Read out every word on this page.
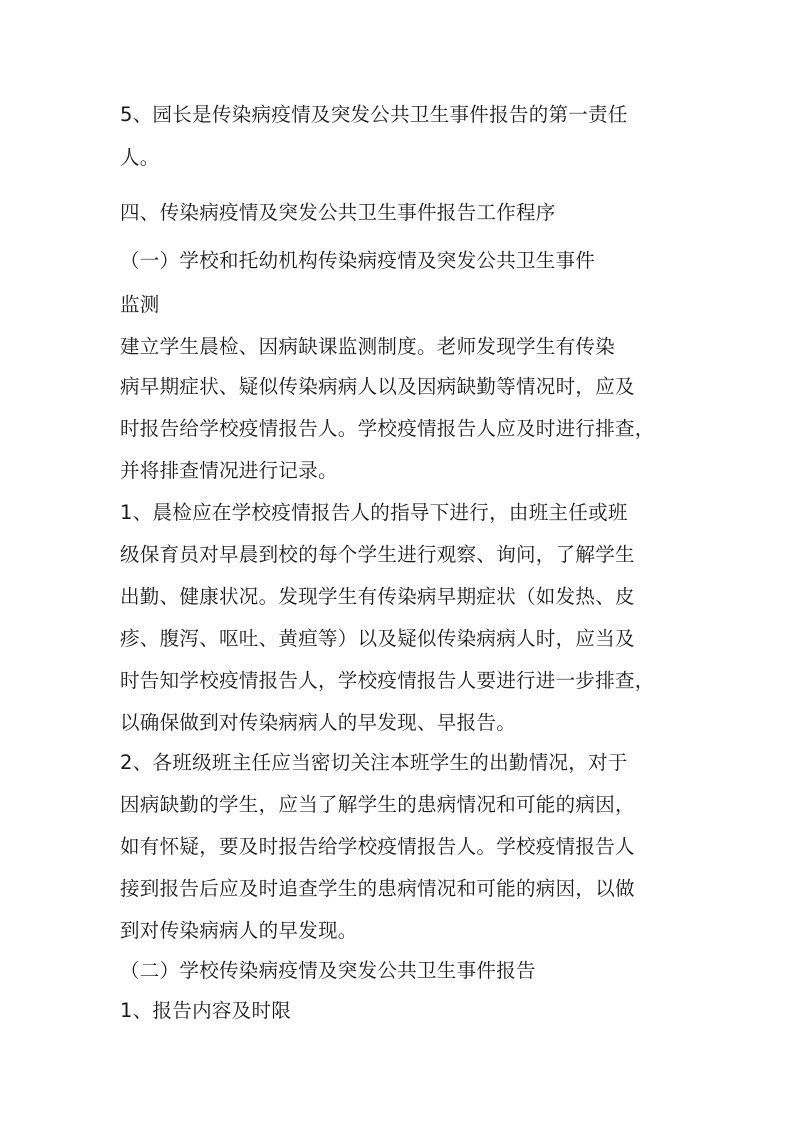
5、园长是传染病疫情及突发公共卫生事件报告的第一责任
人。
四、传染病疫情及突发公共卫生事件报告工作程序
（一）学校和托幼机构传染病疫情及突发公共卫生事件
监测
建立学生晨检、因病缺课监测制度。老师发现学生有传染
病早期症状、疑似传染病病人以及因病缺勤等情况时，应及
时报告给学校疫情报告人。学校疫情报告人应及时进行排查，
并将排查情况进行记录。
1、晨检应在学校疫情报告人的指导下进行，由班主任或班
级保育员对早晨到校的每个学生进行观察、询问，了解学生
出勤、健康状况。发现学生有传染病早期症状（如发热、皮
疹、腹泻、呕吐、黄疸等）以及疑似传染病病人时，应当及
时告知学校疫情报告人，学校疫情报告人要进行进一步排查，
以确保做到对传染病病人的早发现、早报告。
2、各班级班主任应当密切关注本班学生的出勤情况，对于
因病缺勤的学生，应当了解学生的患病情况和可能的病因，
如有怀疑，要及时报告给学校疫情报告人。学校疫情报告人
接到报告后应及时追查学生的患病情况和可能的病因，以做
到对传染病病人的早发现。
（二）学校传染病疫情及突发公共卫生事件报告
1、报告内容及时限
